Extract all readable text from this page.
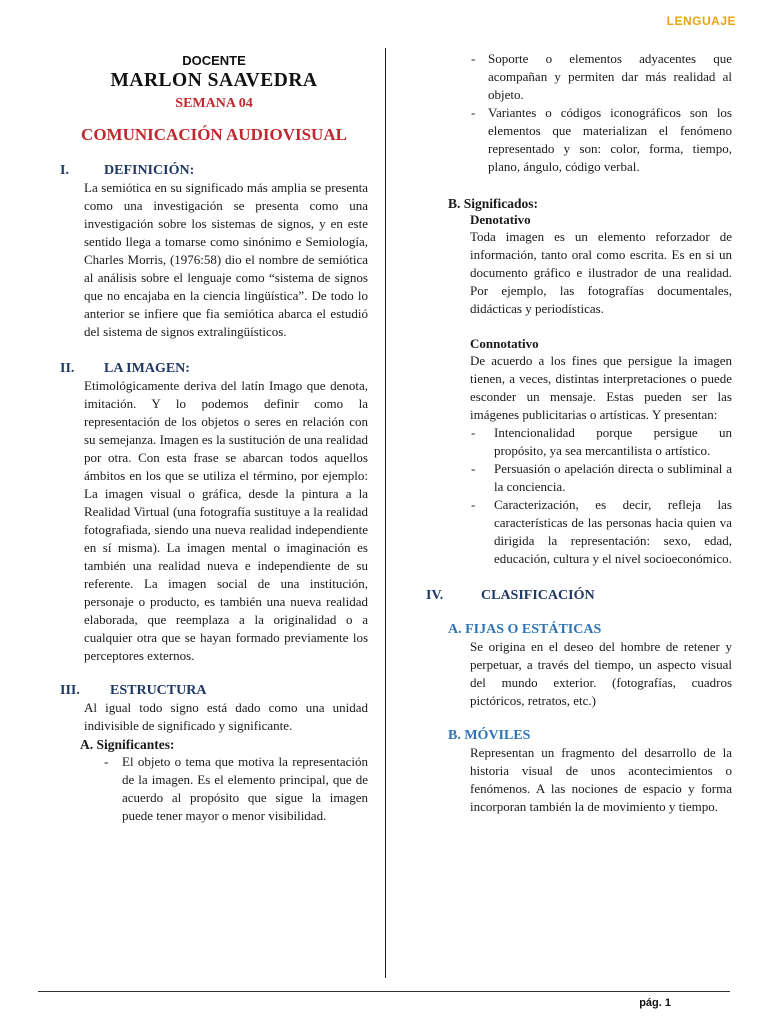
LENGUAJE
DOCENTE
MARLON SAAVEDRA
SEMANA 04
COMUNICACIÓN AUDIOVISUAL
I.	DEFINICIÓN:

La semiótica en su significado más amplia se presenta como una investigación se presenta como una investigación sobre los sistemas de signos, y en este sentido llega a tomarse como sinónimo e Semiología, Charles Morris, (1976:58) dio el nombre de semiótica al análisis sobre el lenguaje como “sistema de signos que no encajaba en la ciencia lingüística”. De todo lo anterior se infiere que fia semiótica abarca el estudió del sistema de signos extralingüísticos.

II.	LA IMAGEN:

Etimológicamente deriva del latín Imago que denota, imitación. Y lo podemos definir como la representación de los objetos o seres en relación con su semejanza. Imagen es la sustitución de una realidad por otra. Con esta frase se abarcan todos aquellos ámbitos en los que se utiliza el término, por ejemplo: La imagen visual o gráfica, desde la pintura a la Realidad Virtual (una fotografía sustituye a la realidad fotografiada, siendo una nueva realidad independiente en sí misma). La imagen mental o imaginación es también una realidad nueva e independiente de su referente. La imagen social de una institución, personaje o producto, es también una nueva realidad elaborada, que reemplaza a la originalidad o a cualquier otra que se hayan formado previamente los perceptores externos.

III.	ESTRUCTURA

Al igual todo signo está dado como una unidad indivisible de significado y significante.

A. Significantes:
- El objeto o tema que motiva la representación de la imagen. Es el elemento principal, que de acuerdo al propósito que sigue la imagen puede tener mayor o menor visibilidad.
- Soporte o elementos adyacentes que acompañan y permiten dar más realidad al objeto.
- Variantes o códigos iconográficos son los elementos que materializan el fenómeno representado y son: color, forma, tiempo, plano, ángulo, código verbal.
B. Significados:
Denotativo

Toda imagen es un elemento reforzador de información, tanto oral como escrita. Es en si un documento gráfico e ilustrador de una realidad. Por ejemplo, las fotografías documentales, didácticas y periodísticas.

Connotativo

De acuerdo a los fines que persigue la imagen tienen, a veces, distintas interpretaciones o puede esconder un mensaje. Estas pueden ser las imágenes publicitarias o artísticas. Y presentan:

- Intencionalidad porque persigue un propósito, ya sea mercantilista o artístico.
- Persuasión o apelación directa o subliminal a la conciencia.
- Caracterización, es decir, refleja las características de las personas hacia quien va dirigida la representación: sexo, edad, educación, cultura y el nivel socioeconómico.
IV.	CLASIFICACIÓN
A. FIJAS O ESTÁTICAS

Se origina en el deseo del hombre de retener y perpetuar, a través del tiempo, un aspecto visual del mundo exterior. (fotografías, cuadros pictóricos, retratos, etc.)

B. MÓVILES

Representan un fragmento del desarrollo de la historia visual de unos acontecimientos o fenómenos. A las nociones de espacio y forma incorporan también la de movimiento y tiempo.

pág. 1
